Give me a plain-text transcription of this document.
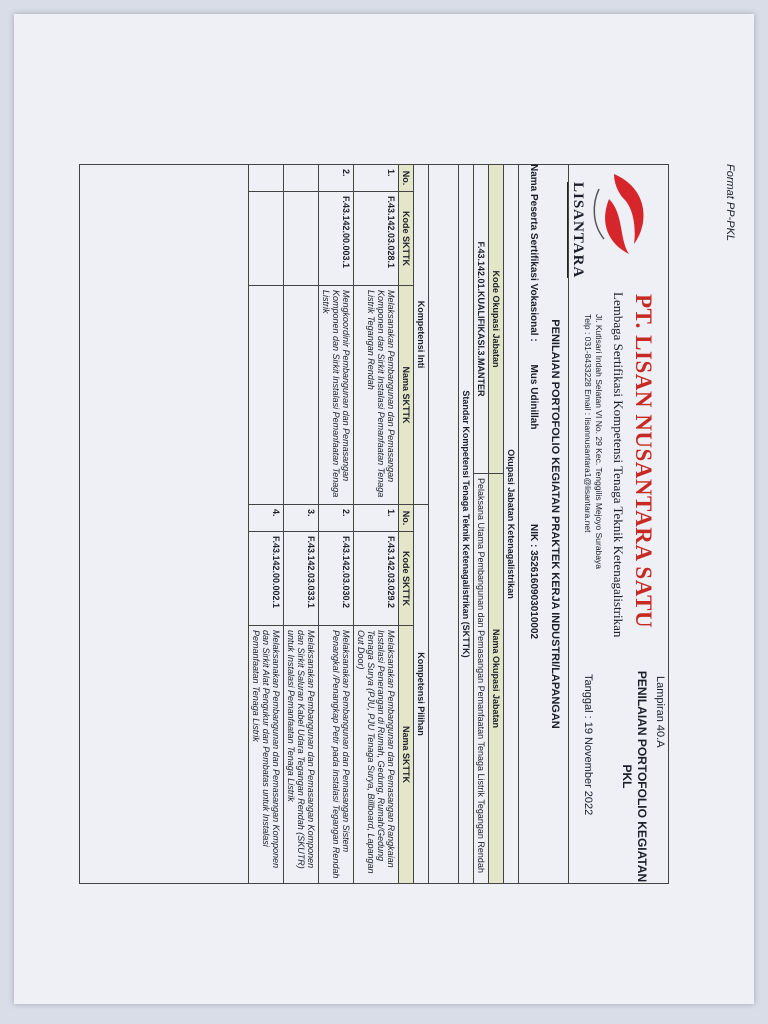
Format PP-PKL
Lampiran 40.A
LISANTARA
PT. LISAN NUSANTARA SATU
Lembaga Sertifikasi Kompetensi Tenaga Teknik Ketenagalistrikan
Jl. Kutisari Indah Selatan VI No. 29 Kec. Tenggilis Mejoyo Surabaya
Telp : 031-8433228 Email : lisannusantara1@lisantara.net
PENILAIAN PORTOFOLIO KEGIATAN PKL
Tanggal : 19 November 2022
PENILAIAN PORTOFOLIO KEGIATAN PRAKTEK KERJA INDUSTRI/LAPANGAN
Nama Peserta Sertifikasi Vokasional : Mus Udinillah
NIK : 3526160903010002
Okupasi Jabatan Ketenagalistrikan	
Kode Okupasi Jabatan	Nama Okupasi Jabatan
F.43.142.01.KUALIFIKASI.3.MANTER	Pelaksana Utama Pembangunan dan Pemasangan Pemanfaatan Tenaga Listrik Tegangan Rendah
Standar Kompetensi Tenaga Teknik Ketenagalistrikan (SKTTK)	
Kompetensi Inti			Kompetensi Pilihan		
No.	Kode SKTTK	Nama SKTTK	No.	Kode SKTTK	Nama SKTTK
1.	F.43.142.03.028.1	Melaksanakan Pembangunan dan Pemasangan Komponen dan Sirkit Instalasi Pemanfaatan Tenaga Listrik Tegangan Rendah	1.	F.43.142.03.029.2	Melaksanakan Pembangunan dan Pemasangan Rangkaian Instalasi Penerangan di Rumah, Gedung, Rumah/Gedung Tenaga Surya (PJU, PJU Tenaga Surya, Billboard, Lapangan Out Door)
2.	F.43.142.00.003.1	Mengkoordinir Pembangunan dan Pemasangan Komponen dan Sirkit Instalasi Pemanfaatan Tenaga Listrik	2.	F.43.142.03.030.2	Melaksanakan Pembangunan dan Pemasangan Sistem Penangkal /Penangkap Petir pada Instalasi Tegangan Rendah
			3.	F.43.142.03.033.1	Melaksanakan Pembangunan dan Pemasangan Komponen dan Sirkit Saluran Kabel Udara Tegangan Rendah (SKUTR) untuk Instalasi Pemanfaatan Tenaga Listrik
			4.	F.43.142.00.002.1	Melaksanakan Pembangunan dan Pemasangan Komponen dan Sirkit Alat Pengukur dan Pembatas untuk Instalasi Pemanfaatan Tenaga Listrik
